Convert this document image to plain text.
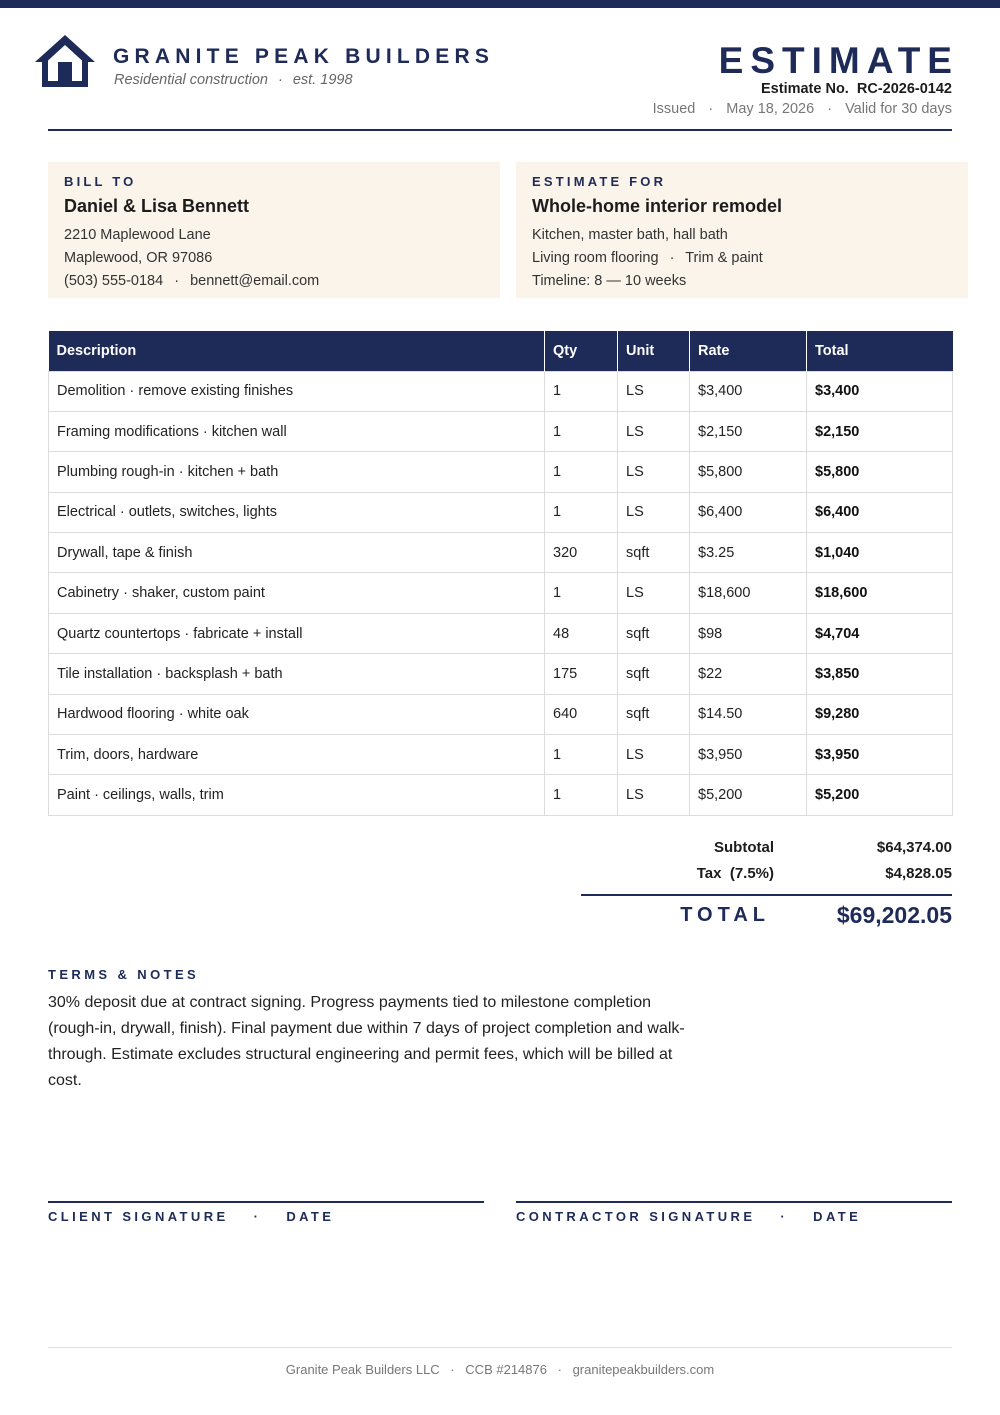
GRANITE PEAK BUILDERS
Residential construction · est. 1998	ESTIMATE
Estimate No. RC-2026-0142
Issued · May 18, 2026 · Valid for 30 days
BILL TO
Daniel & Lisa Bennett
2210 Maplewood Lane
Maplewood, OR 97086
(503) 555-0184 · bennett@email.com
ESTIMATE FOR
Whole-home interior remodel
Kitchen, master bath, hall bath
Living room flooring · Trim & paint
Timeline: 8 — 10 weeks
Description	Qty	Unit	Rate	Total
Demolition · remove existing finishes	1	LS	$3,400	$3,400
Framing modifications · kitchen wall	1	LS	$2,150	$2,150
Plumbing rough-in · kitchen + bath	1	LS	$5,800	$5,800
Electrical · outlets, switches, lights	1	LS	$6,400	$6,400
Drywall, tape & finish	320	sqft	$3.25	$1,040
Cabinetry · shaker, custom paint	1	LS	$18,600	$18,600
Quartz countertops · fabricate + install	48	sqft	$98	$4,704
Tile installation · backsplash + bath	175	sqft	$22	$3,850
Hardwood flooring · white oak	640	sqft	$14.50	$9,280
Trim, doors, hardware	1	LS	$3,950	$3,950
Paint · ceilings, walls, trim	1	LS	$5,200	$5,200
Subtotal	$64,374.00
Tax  (7.5%)	$4,828.05
TOTAL	$69,202.05
TERMS & NOTES
30% deposit due at contract signing. Progress payments tied to milestone completion (rough-in, drywall, finish). Final payment due within 7 days of project completion and walk-through. Estimate excludes structural engineering and permit fees, which will be billed at cost.
CLIENT SIGNATURE · DATE	CONTRACTOR SIGNATURE · DATE
Granite Peak Builders LLC · CCB #214876 · granitepeakbuilders.com
